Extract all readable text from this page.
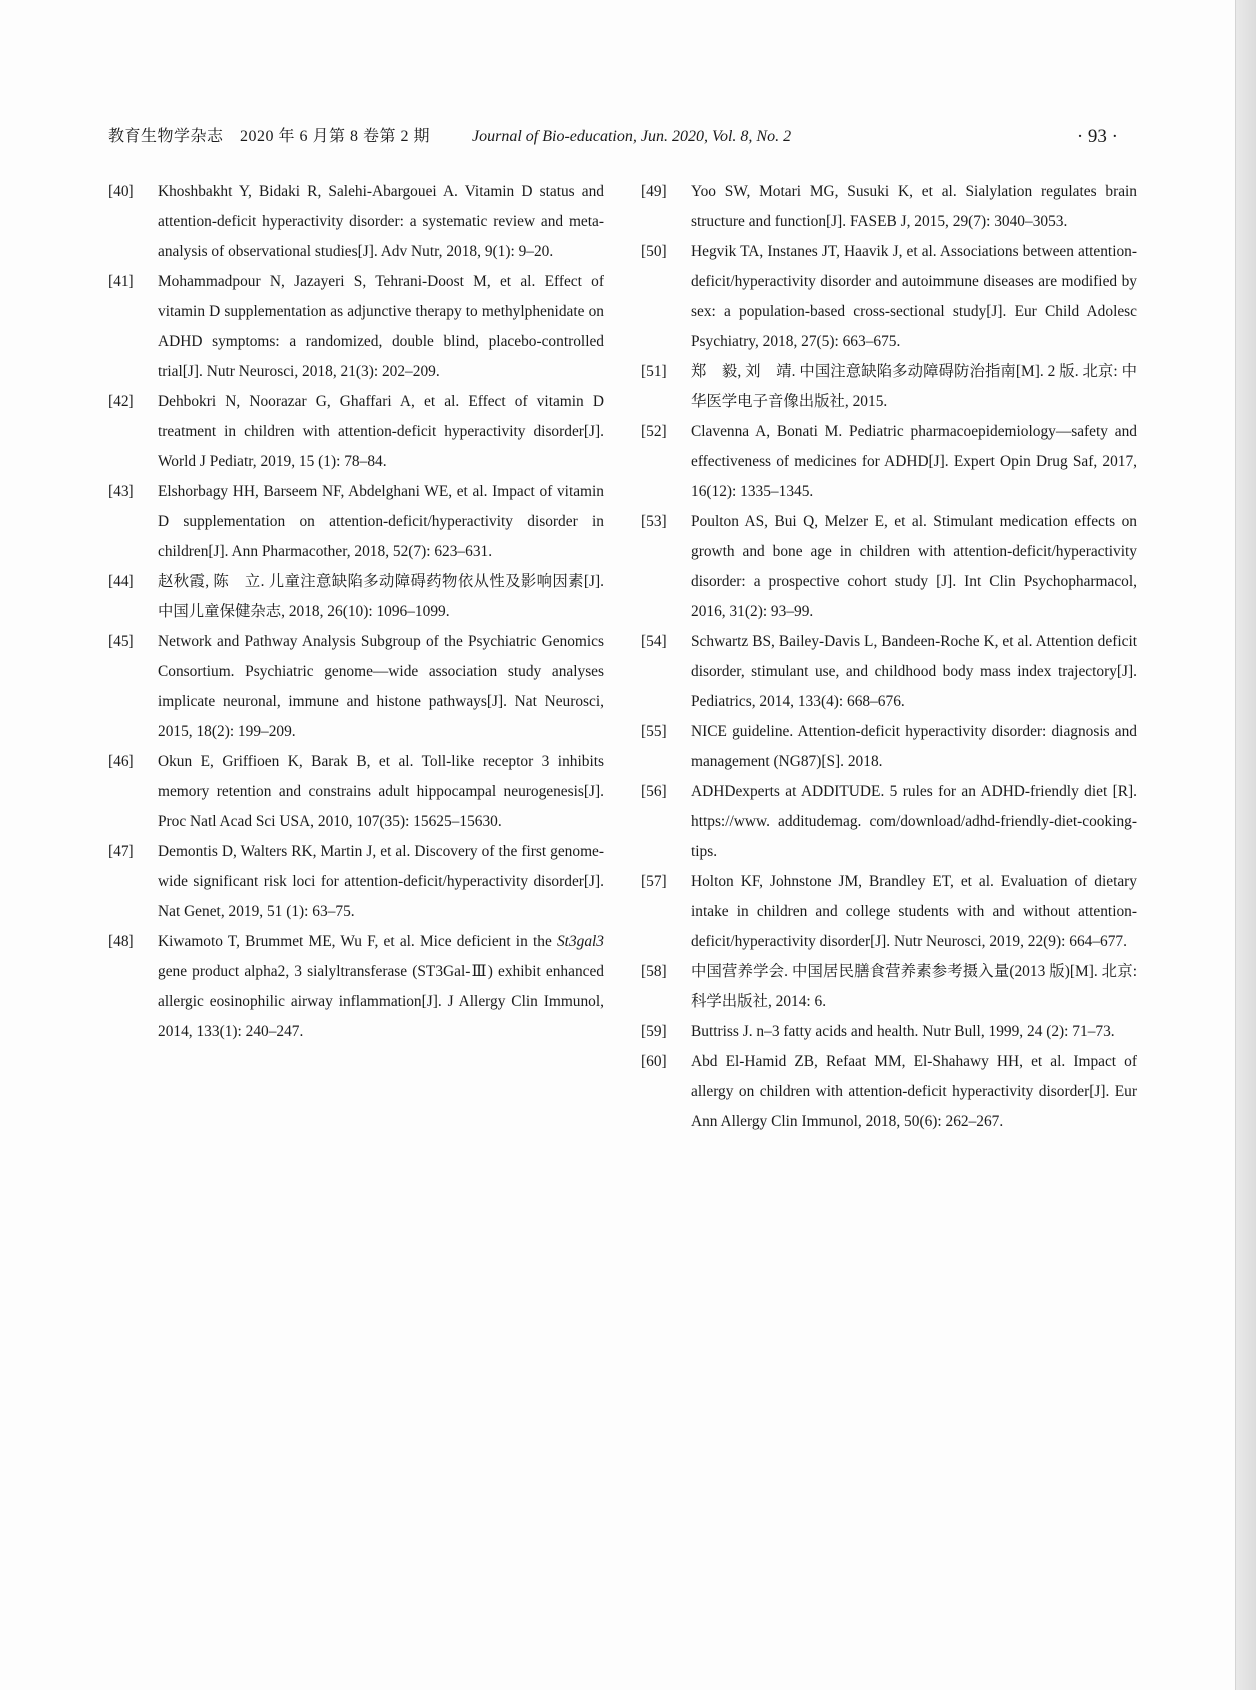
教育生物学杂志　2020 年 6 月第 8 卷第 2 期	Journal of Bio-education, Jun. 2020, Vol. 8, No. 2	· 93 ·

[40]	Khoshbakht Y, Bidaki R, Salehi-Abargouei A. Vitamin D status and attention-deficit hyperactivity disorder: a systematic review and meta-analysis of observational studies[J]. Adv Nutr, 2018, 9(1): 9–20.

[41]	Mohammadpour N, Jazayeri S, Tehrani-Doost M, et al. Effect of vitamin D supplementation as adjunctive therapy to methylphenidate on ADHD symptoms: a randomized, double blind, placebo-controlled trial[J]. Nutr Neurosci, 2018, 21(3): 202–209.

[42]	Dehbokri N, Noorazar G, Ghaffari A, et al. Effect of vitamin D treatment in children with attention-deficit hyperactivity disorder[J]. World J Pediatr, 2019, 15 (1): 78–84.

[43]	Elshorbagy HH, Barseem NF, Abdelghani WE, et al. Impact of vitamin D supplementation on attention-deficit/hyperactivity disorder in children[J]. Ann Pharmacother, 2018, 52(7): 623–631.

[44]	赵秋霞, 陈　立. 儿童注意缺陷多动障碍药物依从性及影响因素[J]. 中国儿童保健杂志, 2018, 26(10): 1096–1099.

[45]	Network and Pathway Analysis Subgroup of the Psychiatric Genomics Consortium. Psychiatric genome—wide association study analyses implicate neuronal, immune and histone pathways[J]. Nat Neurosci, 2015, 18(2): 199–209.

[46]	Okun E, Griffioen K, Barak B, et al. Toll-like receptor 3 inhibits memory retention and constrains adult hippocampal neurogenesis[J]. Proc Natl Acad Sci USA, 2010, 107(35): 15625–15630.

[47]	Demontis D, Walters RK, Martin J, et al. Discovery of the first genome-wide significant risk loci for attention-deficit/hyperactivity disorder[J]. Nat Genet, 2019, 51 (1): 63–75.

[48]	Kiwamoto T, Brummet ME, Wu F, et al. Mice deficient in the St3gal3 gene product alpha2, 3 sialyltransferase (ST3Gal-Ⅲ) exhibit enhanced allergic eosinophilic airway inflammation[J]. J Allergy Clin Immunol, 2014, 133(1): 240–247.

[49]	Yoo SW, Motari MG, Susuki K, et al. Sialylation regulates brain structure and function[J]. FASEB J, 2015, 29(7): 3040–3053.

[50]	Hegvik TA, Instanes JT, Haavik J, et al. Associations between attention-deficit/hyperactivity disorder and autoimmune diseases are modified by sex: a population-based cross-sectional study[J]. Eur Child Adolesc Psychiatry, 2018, 27(5): 663–675.

[51]	郑　毅, 刘　靖. 中国注意缺陷多动障碍防治指南[M]. 2 版. 北京: 中华医学电子音像出版社, 2015.

[52]	Clavenna A, Bonati M. Pediatric pharmacoepidemiology—safety and effectiveness of medicines for ADHD[J]. Expert Opin Drug Saf, 2017, 16(12): 1335–1345.

[53]	Poulton AS, Bui Q, Melzer E, et al. Stimulant medication effects on growth and bone age in children with attention-deficit/hyperactivity disorder: a prospective cohort study [J]. Int Clin Psychopharmacol, 2016, 31(2): 93–99.

[54]	Schwartz BS, Bailey-Davis L, Bandeen-Roche K, et al. Attention deficit disorder, stimulant use, and childhood body mass index trajectory[J]. Pediatrics, 2014, 133(4): 668–676.

[55]	NICE guideline. Attention-deficit hyperactivity disorder: diagnosis and management (NG87)[S]. 2018.

[56]	ADHDexperts at ADDITUDE. 5 rules for an ADHD-friendly diet [R]. https://www. additudemag. com/download/adhd-friendly-diet-cooking-tips.

[57]	Holton KF, Johnstone JM, Brandley ET, et al. Evaluation of dietary intake in children and college students with and without attention-deficit/hyperactivity disorder[J]. Nutr Neurosci, 2019, 22(9): 664–677.

[58]	中国营养学会. 中国居民膳食营养素参考摄入量(2013 版)[M]. 北京: 科学出版社, 2014: 6.

[59]	Buttriss J. n–3 fatty acids and health. Nutr Bull, 1999, 24 (2): 71–73.

[60]	Abd El-Hamid ZB, Refaat MM, El-Shahawy HH, et al. Impact of allergy on children with attention-deficit hyperactivity disorder[J]. Eur Ann Allergy Clin Immunol, 2018, 50(6): 262–267.
